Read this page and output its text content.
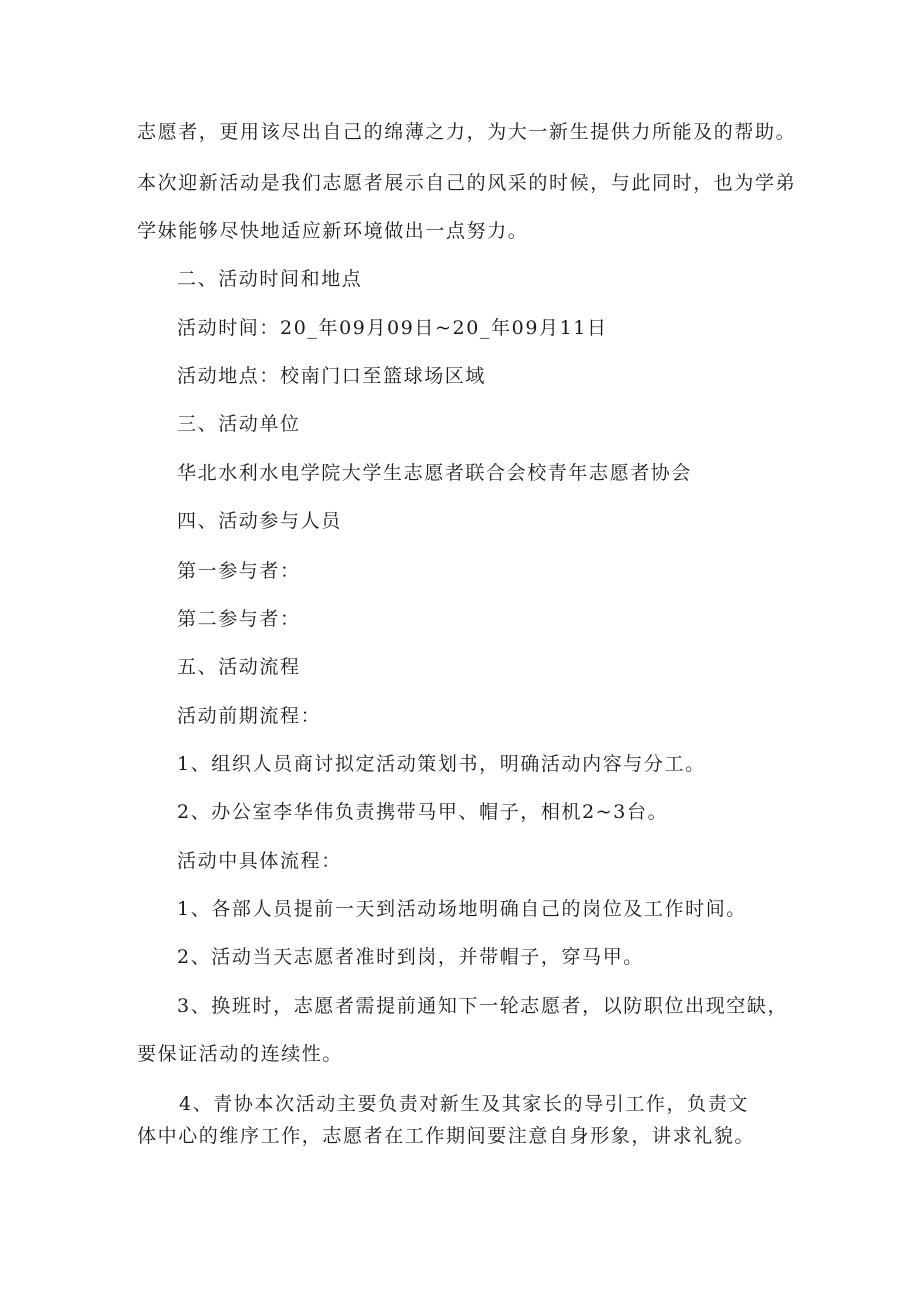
志愿者，更用该尽出自己的绵薄之力，为大一新生提供力所能及的帮助。
本次迎新活动是我们志愿者展示自己的风采的时候，与此同时，也为学弟
学妹能够尽快地适应新环境做出一点努力。
二、活动时间和地点
活动时间：20_年09月09日~20_年09月11日
活动地点：校南门口至篮球场区域
三、活动单位
华北水利水电学院大学生志愿者联合会校青年志愿者协会
四、活动参与人员
第一参与者：
第二参与者：
五、活动流程
活动前期流程：
1、组织人员商讨拟定活动策划书，明确活动内容与分工。
2、办公室李华伟负责携带马甲、帽子，相机2~3台。
活动中具体流程：
1、各部人员提前一天到活动场地明确自己的岗位及工作时间。
2、活动当天志愿者准时到岗，并带帽子，穿马甲。
3、换班时，志愿者需提前通知下一轮志愿者，以防职位出现空缺，
要保证活动的连续性。
4、青协本次活动主要负责对新生及其家长的导引工作，负责文
体中心的维序工作，志愿者在工作期间要注意自身形象，讲求礼貌。
